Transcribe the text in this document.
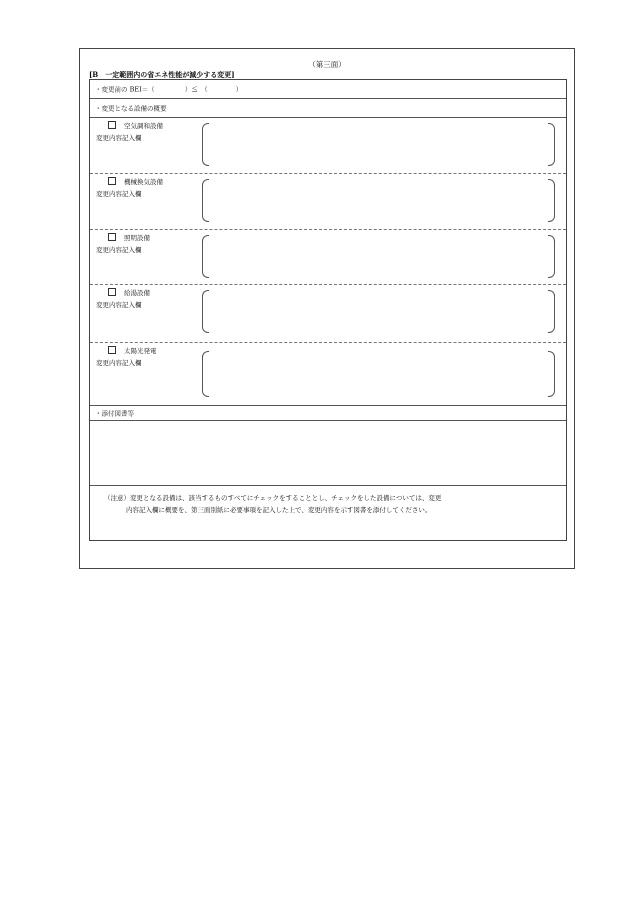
（第三面）
[B　一定範囲内の省エネ性能が減少する変更]
・変更前の BEI＝（	）≦　（	）
・変更となる設備の概要
空気調和設備
変更内容記入欄
機械換気設備
変更内容記入欄
照明設備
変更内容記入欄
給湯設備
変更内容記入欄
太陽光発電
変更内容記入欄
・添付図書等
（注意）変更となる設備は、該当するものすべてにチェックをすることとし、チェックをした設備については、変更
内容記入欄に概要を、第三面別紙に必要事項を記入した上で、変更内容を示す図書を添付してください。
